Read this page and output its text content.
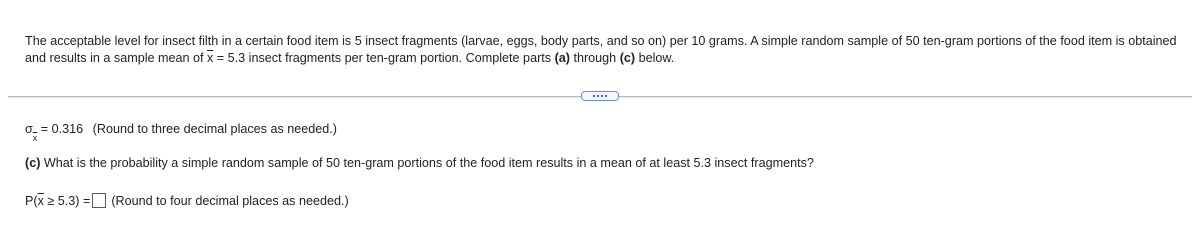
The acceptable level for insect filth in a certain food item is 5 insect fragments (larvae, eggs, body parts, and so on) per 10 grams. A simple random sample of 50 ten-gram portions of the food item is obtained and results in a sample mean of $\overline{x} = 5.3$ insect fragments per ten-gram portion. Complete parts (a) through (c) below.
$\sigma_{\overline{x}} = 0.316$ (Round to three decimal places as needed.)
(c) What is the probability a simple random sample of 50 ten-gram portions of the food item results in a mean of at least 5.3 insect fragments?
$P(\overline{x} \ge 5.3)$ = (Round to four decimal places as needed.)
